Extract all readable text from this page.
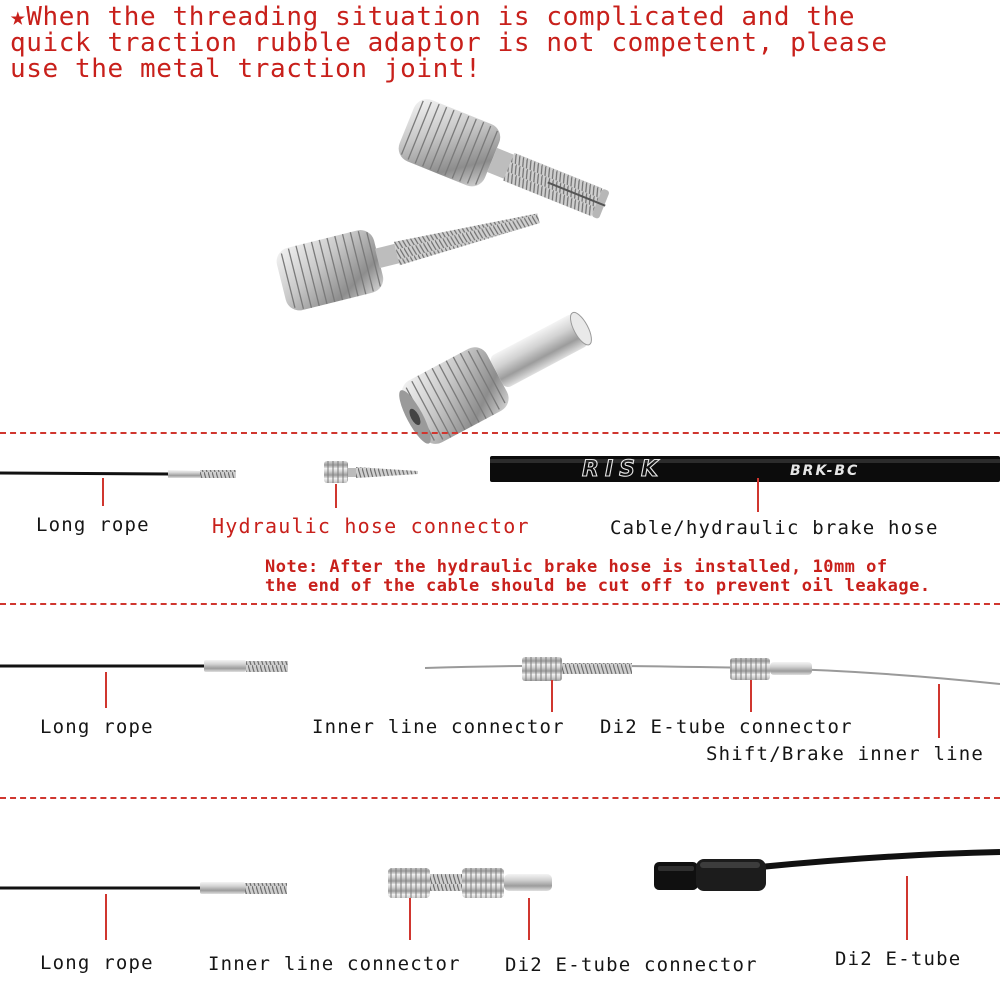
★When the threading situation is complicated and the
quick traction rubble adaptor is not competent, please
use the metal traction joint!
RISK	BRK-BC
Long rope	Hydraulic hose connector	Cable/hydraulic brake hose
Note: After the hydraulic brake hose is installed, 10mm of
the end of the cable should be cut off to prevent oil leakage.
Long rope	Inner line connector Di2 E-tube connector
Shift/Brake inner line
Long rope	Inner line connector Di2 E-tube connector	Di2 E-tube
